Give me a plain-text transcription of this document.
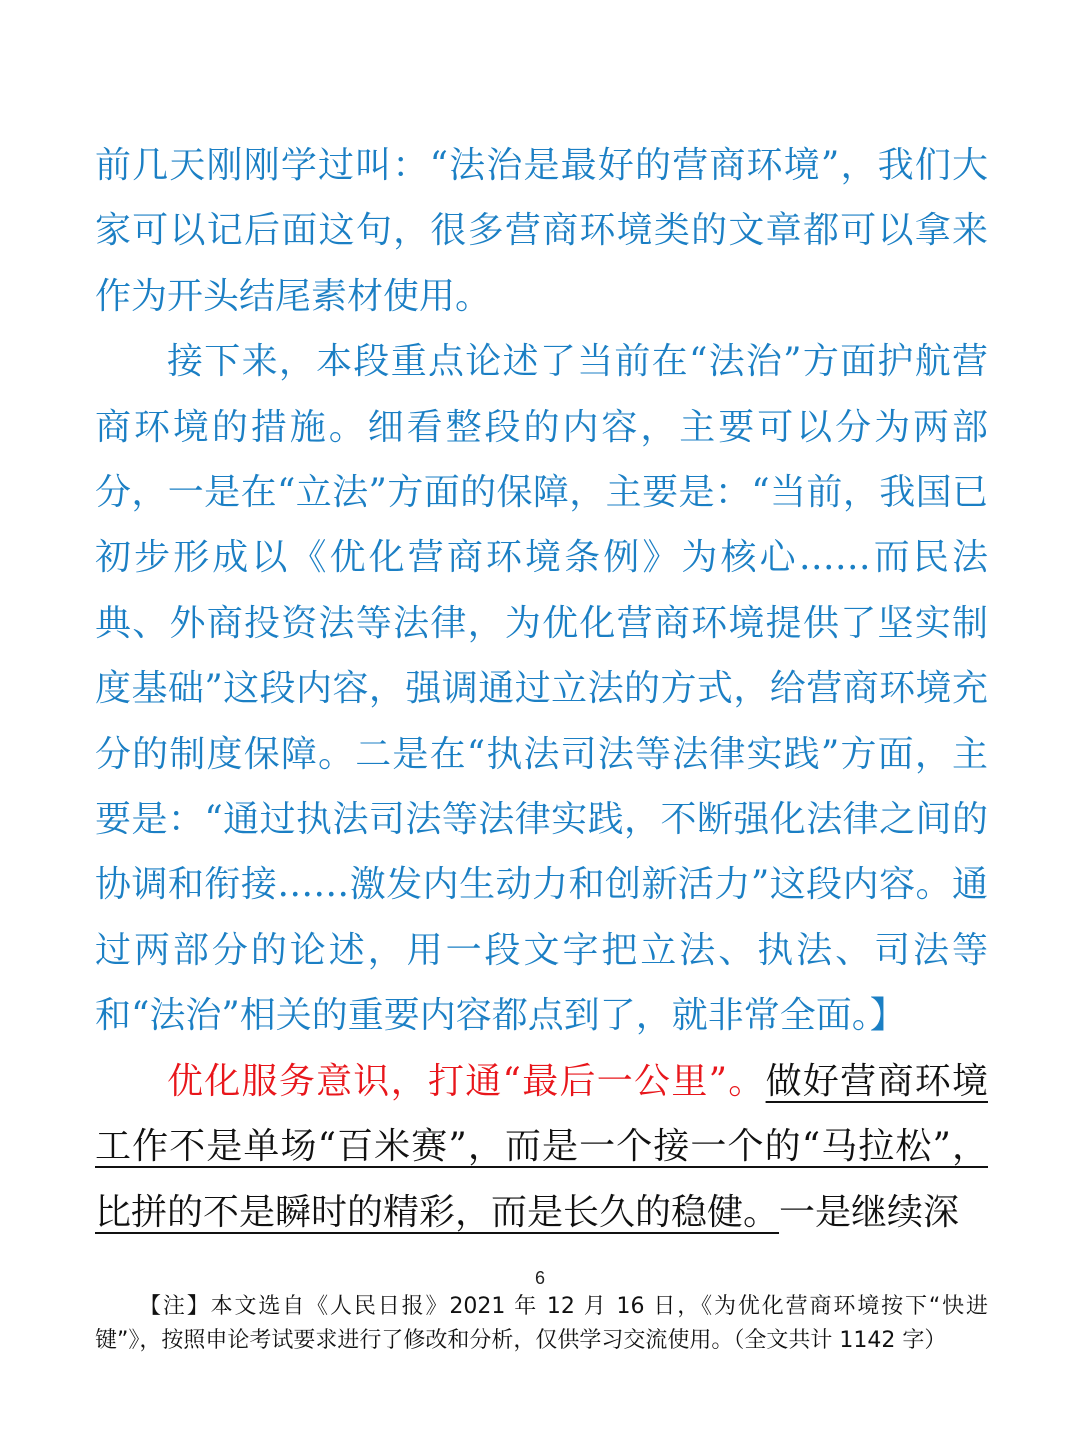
前几天刚刚学过叫：“法治是最好的营商环境”，我们大家可以记后面这句，很多营商环境类的文章都可以拿来作为开头结尾素材使用。

接下来，本段重点论述了当前在“法治”方面护航营商环境的措施。细看整段的内容，主要可以分为两部分，一是在“立法”方面的保障，主要是：“当前，我国已初步形成以《优化营商环境条例》为核心……而民法典、外商投资法等法律，为优化营商环境提供了坚实制度基础”这段内容，强调通过立法的方式，给营商环境充分的制度保障。二是在“执法司法等法律实践”方面，主要是：“通过执法司法等法律实践，不断强化法律之间的协调和衔接……激发内生动力和创新活力”这段内容。通过两部分的论述，用一段文字把立法、执法、司法等和“法治”相关的重要内容都点到了，就非常全面。】

优化服务意识，打通“最后一公里”。做好营商环境工作不是单场“百米赛”，而是一个接一个的“马拉松”，比拼的不是瞬时的精彩，而是长久的稳健。一是继续深

6
【注】本文选自《人民日报》2021 年 12 月 16 日，《为优化营商环境按下“快进键”》，按照申论考试要求进行了修改和分析，仅供学习交流使用。（全文共计 1142 字）
